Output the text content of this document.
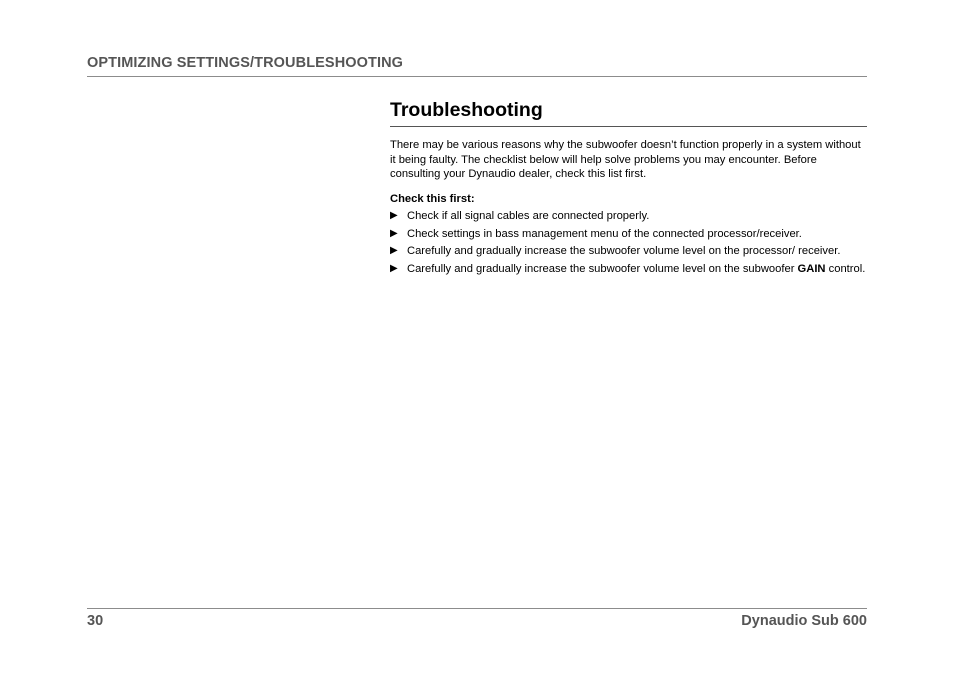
OPTIMIZING SETTINGS/TROUBLESHOOTING
Troubleshooting

There may be various reasons why the subwoofer doesn’t function properly in a system without it being faulty. The checklist below will help solve problems you may encounter. Before consulting your Dynaudio dealer, check this list first.

Check this first:
▶ Check if all signal cables are connected properly.
▶ Check settings in bass management menu of the connected processor/receiver.
▶ Carefully and gradually increase the subwoofer volume level on the processor/ receiver.
▶ Carefully and gradually increase the subwoofer volume level on the subwoofer GAIN control.
30	Dynaudio Sub 600
